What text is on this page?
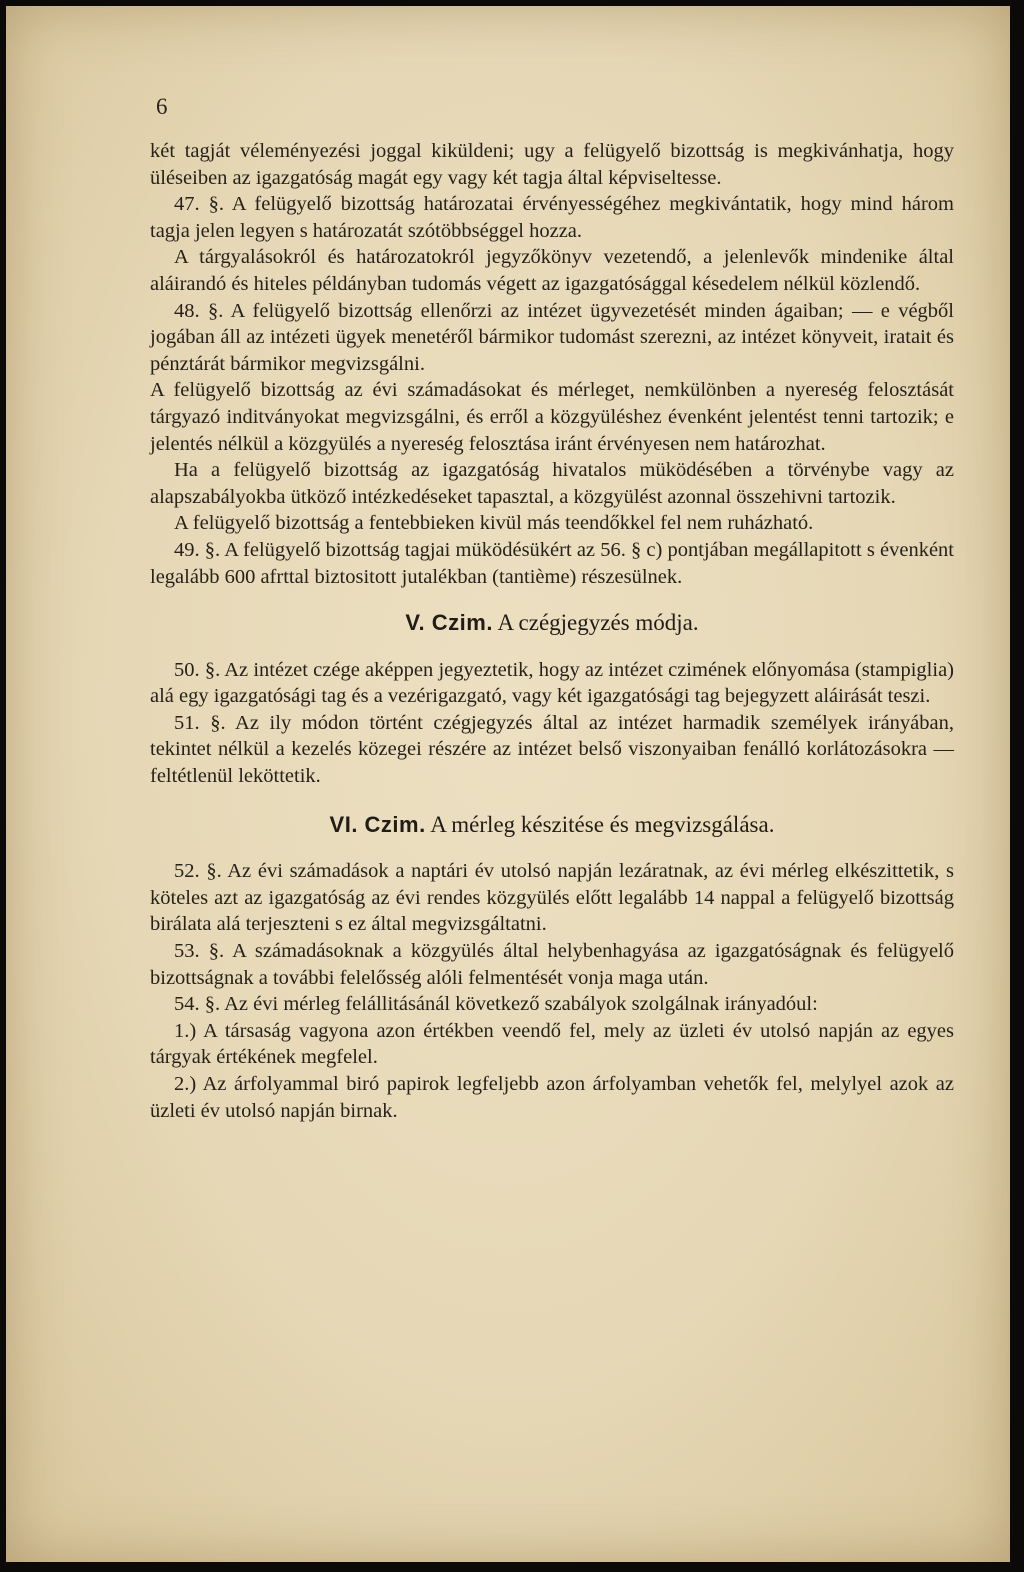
6

két tagját véleményezési joggal kiküldeni; ugy a felügyelő bizottság is megkivánhatja, hogy üléseiben az igazgatóság magát egy vagy két tagja által képviseltesse.

47. §. A felügyelő bizottság határozatai érvényességéhez megkivántatik, hogy mind három tagja jelen legyen s határozatát szótöbbséggel hozza.

A tárgyalásokról és határozatokról jegyzőkönyv vezetendő, a jelenlevők mindenike által aláirandó és hiteles példányban tudomás végett az igazgatósággal késedelem nélkül közlendő.

48. §. A felügyelő bizottság ellenőrzi az intézet ügyvezetését minden ágaiban; — e végből jogában áll az intézeti ügyek menetéről bármikor tudomást szerezni, az intézet könyveit, iratait és pénztárát bármikor megvizsgálni.

A felügyelő bizottság az évi számadásokat és mérleget, nemkülönben a nyereség felosztását tárgyazó inditványokat megvizsgálni, és erről a közgyüléshez évenként jelentést tenni tartozik; e jelentés nélkül a közgyülés a nyereség felosztása iránt érvényesen nem határozhat.

Ha a felügyelő bizottság az igazgatóság hivatalos müködésében a törvénybe vagy az alapszabályokba ütköző intézkedéseket tapasztal, a közgyülést azonnal összehivni tartozik.

A felügyelő bizottság a fentebbieken kivül más teendőkkel fel nem ruházható.

49. §. A felügyelő bizottság tagjai müködésükért az 56. § c) pontjában megállapitott s évenként legalább 600 afrttal biztositott jutalékban (tantième) részesülnek.

V. Czim. A czégjegyzés módja.

50. §. Az intézet czége aképpen jegyeztetik, hogy az intézet czimének előnyomása (stampiglia) alá egy igazgatósági tag és a vezérigazgató, vagy két igazgatósági tag bejegyzett aláirását teszi.

51. §. Az ily módon történt czégjegyzés által az intézet harmadik személyek irányában, tekintet nélkül a kezelés közegei részére az intézet belső viszonyaiban fenálló korlátozásokra — feltétlenül leköttetik.

VI. Czim. A mérleg készitése és megvizsgálása.

52. §. Az évi számadások a naptári év utolsó napján lezáratnak, az évi mérleg elkészittetik, s köteles azt az igazgatóság az évi rendes közgyülés előtt legalább 14 nappal a felügyelő bizottság birálata alá terjeszteni s ez által megvizsgáltatni.

53. §. A számadásoknak a közgyülés által helybenhagyása az igazgatóságnak és felügyelő bizottságnak a további felelősség alóli felmentését vonja maga után.

54. §. Az évi mérleg felállitásánál következő szabályok szolgálnak irányadóul:

1.) A társaság vagyona azon értékben veendő fel, mely az üzleti év utolsó napján az egyes tárgyak értékének megfelel.

2.) Az árfolyammal biró papirok legfeljebb azon árfolyamban vehetők fel, melylyel azok az üzleti év utolsó napján birnak.
